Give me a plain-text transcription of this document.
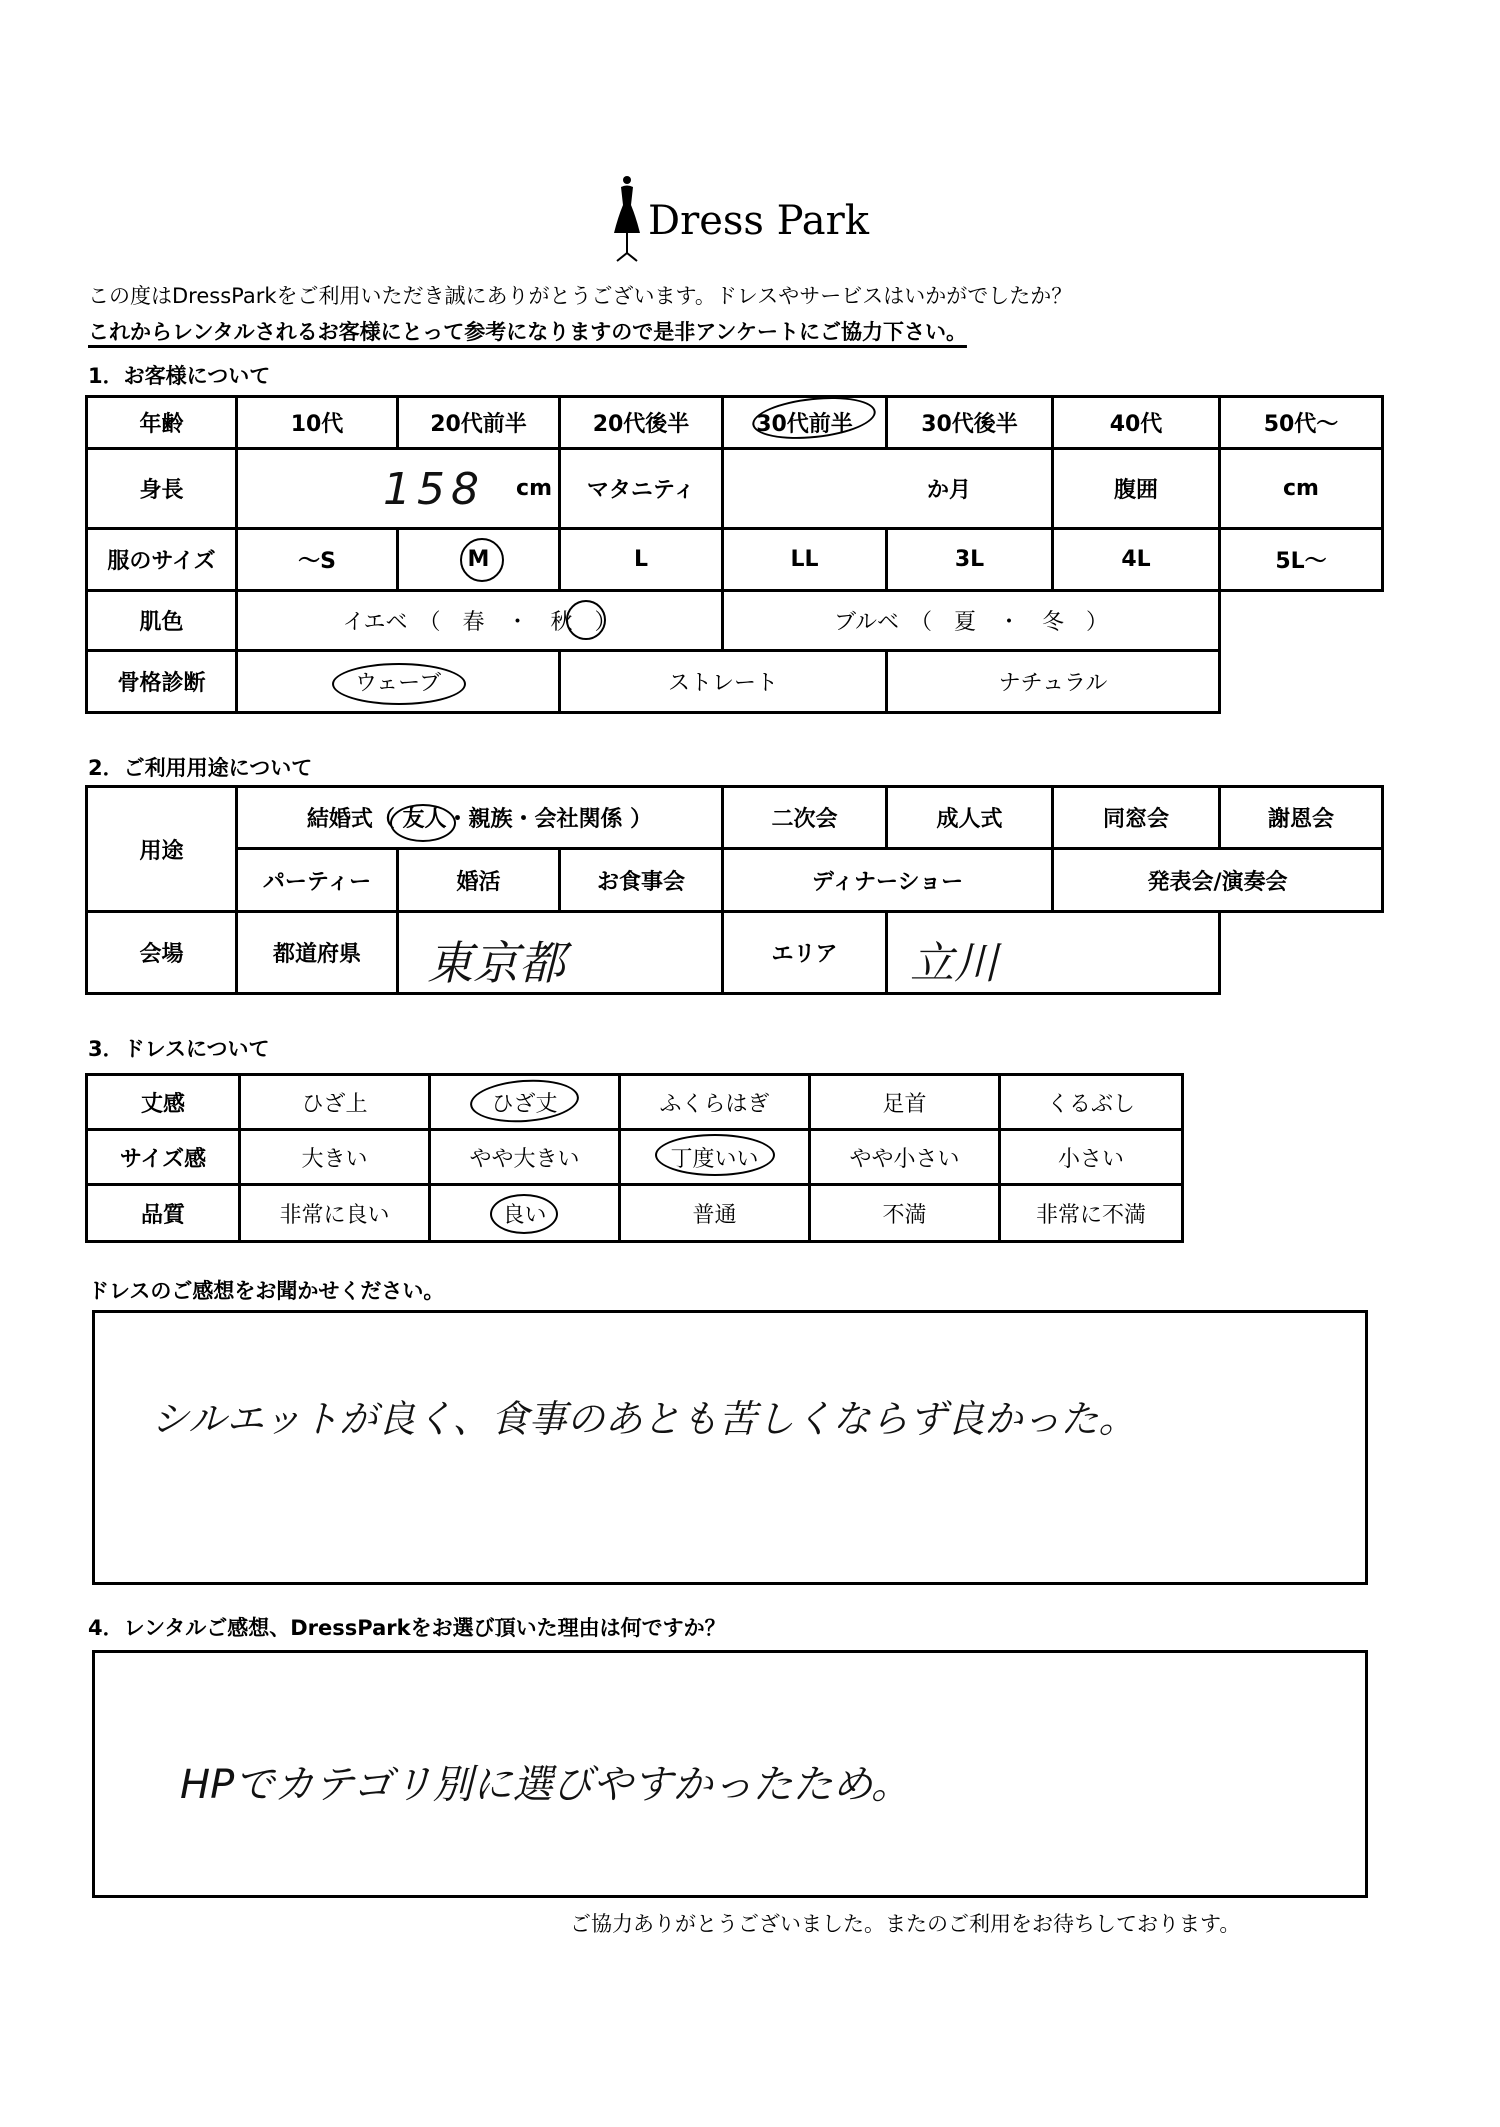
Dress Park
この度はDressParkをご利用いただき誠にありがとうございます。ドレスやサービスはいかがでしたか？
これからレンタルされるお客様にとって参考になりますので是非アンケートにご協力下さい。
1．お客様について
年齢	10代	20代前半	20代後半	30代前半	30代後半	40代	50代～
身長	158 cm	マタニティ	か月	腹囲	cm
服のサイズ	～S	M	L	LL	3L	4L	5L～
肌色	イエベ　（　春　・　秋　）	ブルベ　（　夏　・　冬　）
骨格診断	ウェーブ	ストレート	ナチュラル
2．ご利用用途について
用途
結婚式（ 友人・親族・会社関係 ）	二次会	成人式	同窓会	謝恩会
パーティー	婚活	お食事会	ディナーショー	発表会/演奏会
会場	都道府県	東京都	エリア	立川
3．ドレスについて
丈感	ひざ上	ひざ丈	ふくらはぎ	足首	くるぶし
サイズ感	大きい	やや大きい	丁度いい	やや小さい	小さい
品質	非常に良い	良い	普通	不満	非常に不満
ドレスのご感想をお聞かせください。
シルエットが良く、食事のあとも苦しくならず良かった。
4．レンタルご感想、DressParkをお選び頂いた理由は何ですか？
HPでカテゴリ別に選びやすかったため。
ご協力ありがとうございました。またのご利用をお待ちしております。
